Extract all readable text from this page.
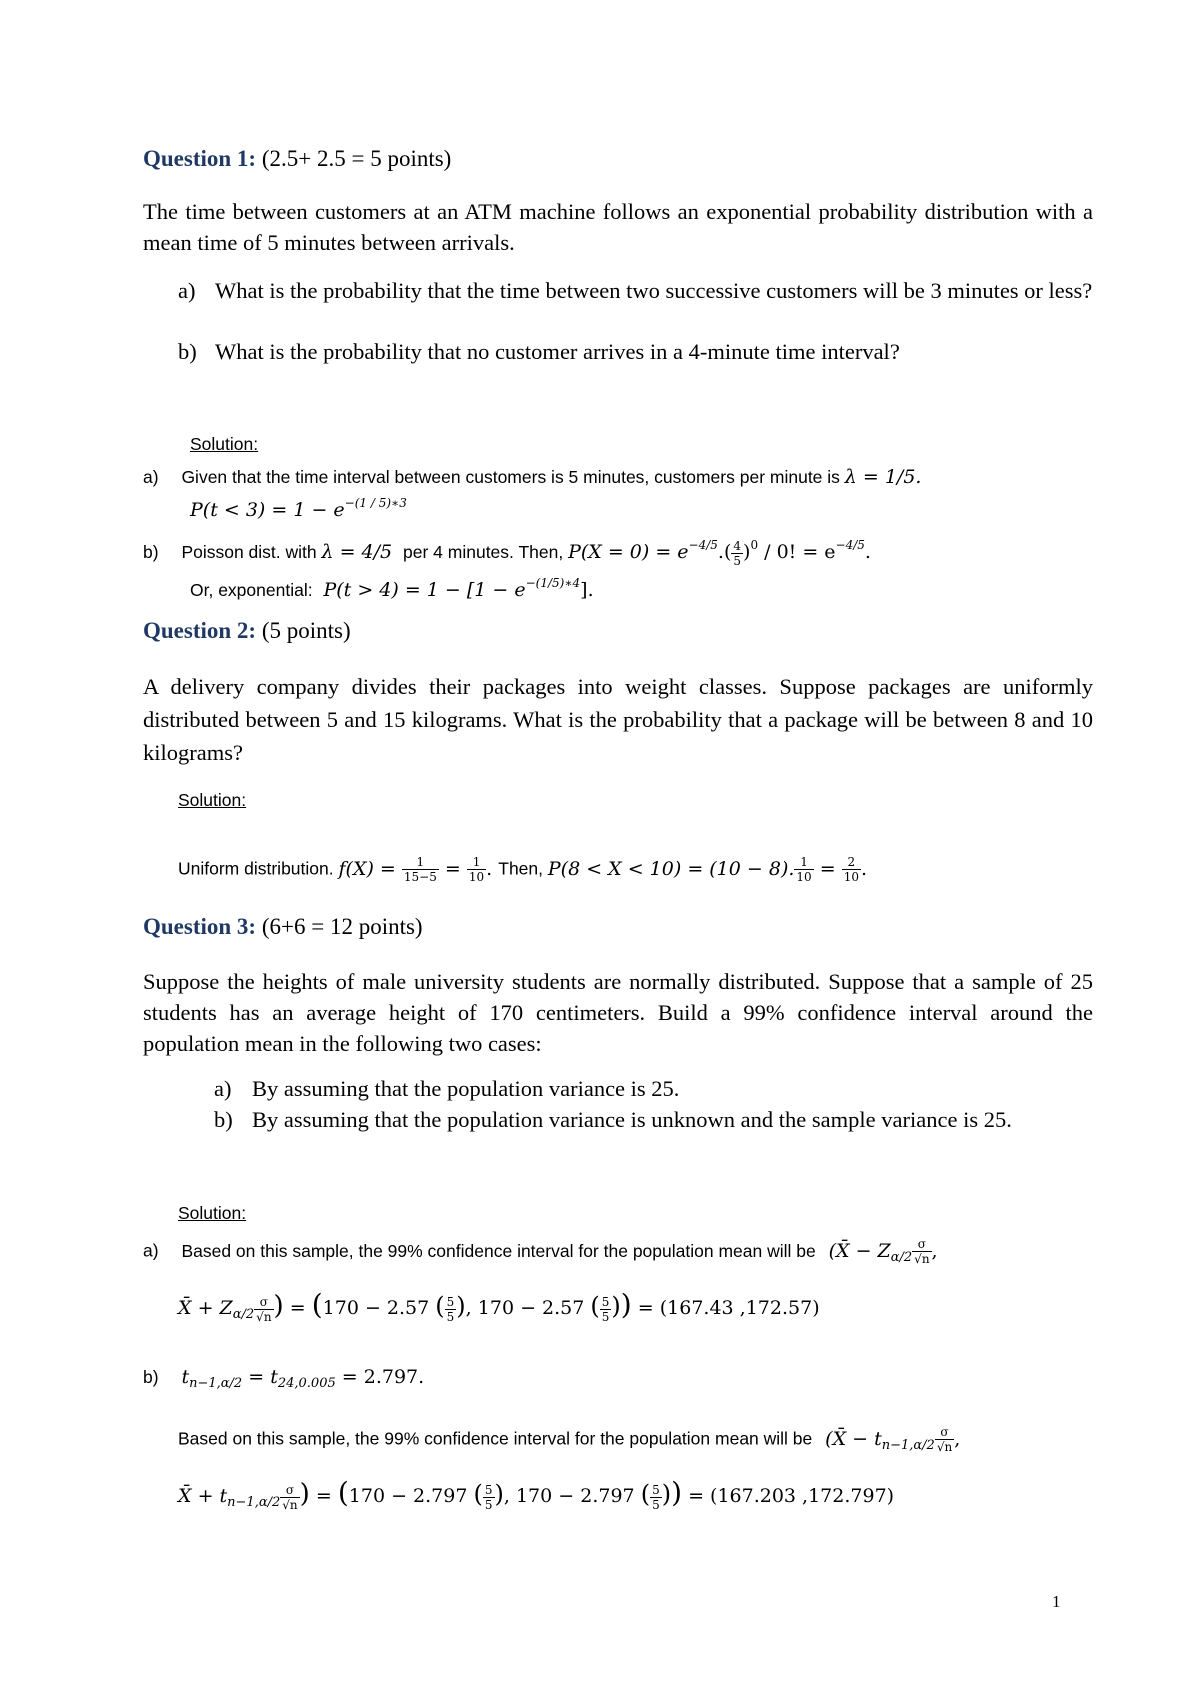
Question 1: (2.5+ 2.5 = 5 points)
The time between customers at an ATM machine follows an exponential probability distribution with a mean time of 5 minutes between arrivals.
a) What is the probability that the time between two successive customers will be 3 minutes or less?
b) What is the probability that no customer arrives in a 4-minute time interval?
Solution:
a) Given that the time interval between customers is 5 minutes, customers per minute is λ = 1/5.
$P(t < 3) = 1 - e^{-(1 / 5)∗3}$
b) Poisson dist. with λ = 4/5 per 4 minutes. Then, $P(X = 0) = e^{-4/5}.( \frac{4}{5} )^0 / 0$! = $e^{-4/5}$.
Or, exponential: $P(t > 4) = 1 - [1 - e^{-(1/5)∗4}]$.
Question 2: (5 points)
A delivery company divides their packages into weight classes. Suppose packages are uniformly distributed between 5 and 15 kilograms. What is the probability that a package will be between 8 and 10 kilograms?
Solution:
Uniform distribution. $f(X) = \frac{1}{15-5} = \frac{1}{10}$ . Then, P(8 < X < 10) = (10 − 8). $\frac{1}{10} = \frac{2}{10}$ .
Question 3: (6+6 = 12 points)
Suppose the heights of male university students are normally distributed. Suppose that a sample of 25 students has an average height of 170 centimeters. Build a 99% confidence interval around the population mean in the following two cases:
a) By assuming that the population variance is 25.
b) By assuming that the population variance is unknown and the sample variance is 25.
Solution:
a) Based on this sample, the 99% confidence interval for the population mean will be (X̄ − $Z_{\alpha/2} \frac{\sigma}{√n}$ ,
X̄ + $Z_{\alpha/2} \frac{\sigma}{√n}$ ) = (170 − 2.57 ( $\frac{5}{5}$ ), 170 − 2.57 ( $\frac{5}{5}$ )) = (167.43 ,172.57)
b) $t_{n-1,\alpha/2} = t_{24,0.005} = 2.797$.
Based on this sample, the 99% confidence interval for the population mean will be (X̄ − $t_{n-1,\alpha/2} \frac{\sigma}{√n}$ ,
X̄ + $t_{n-1,\alpha/2} \frac{\sigma}{√n}$ ) = (170 − 2.797 ( $\frac{5}{5}$ ), 170 − 2.797 ( $\frac{5}{5}$ )) = (167.203 ,172.797)
1
